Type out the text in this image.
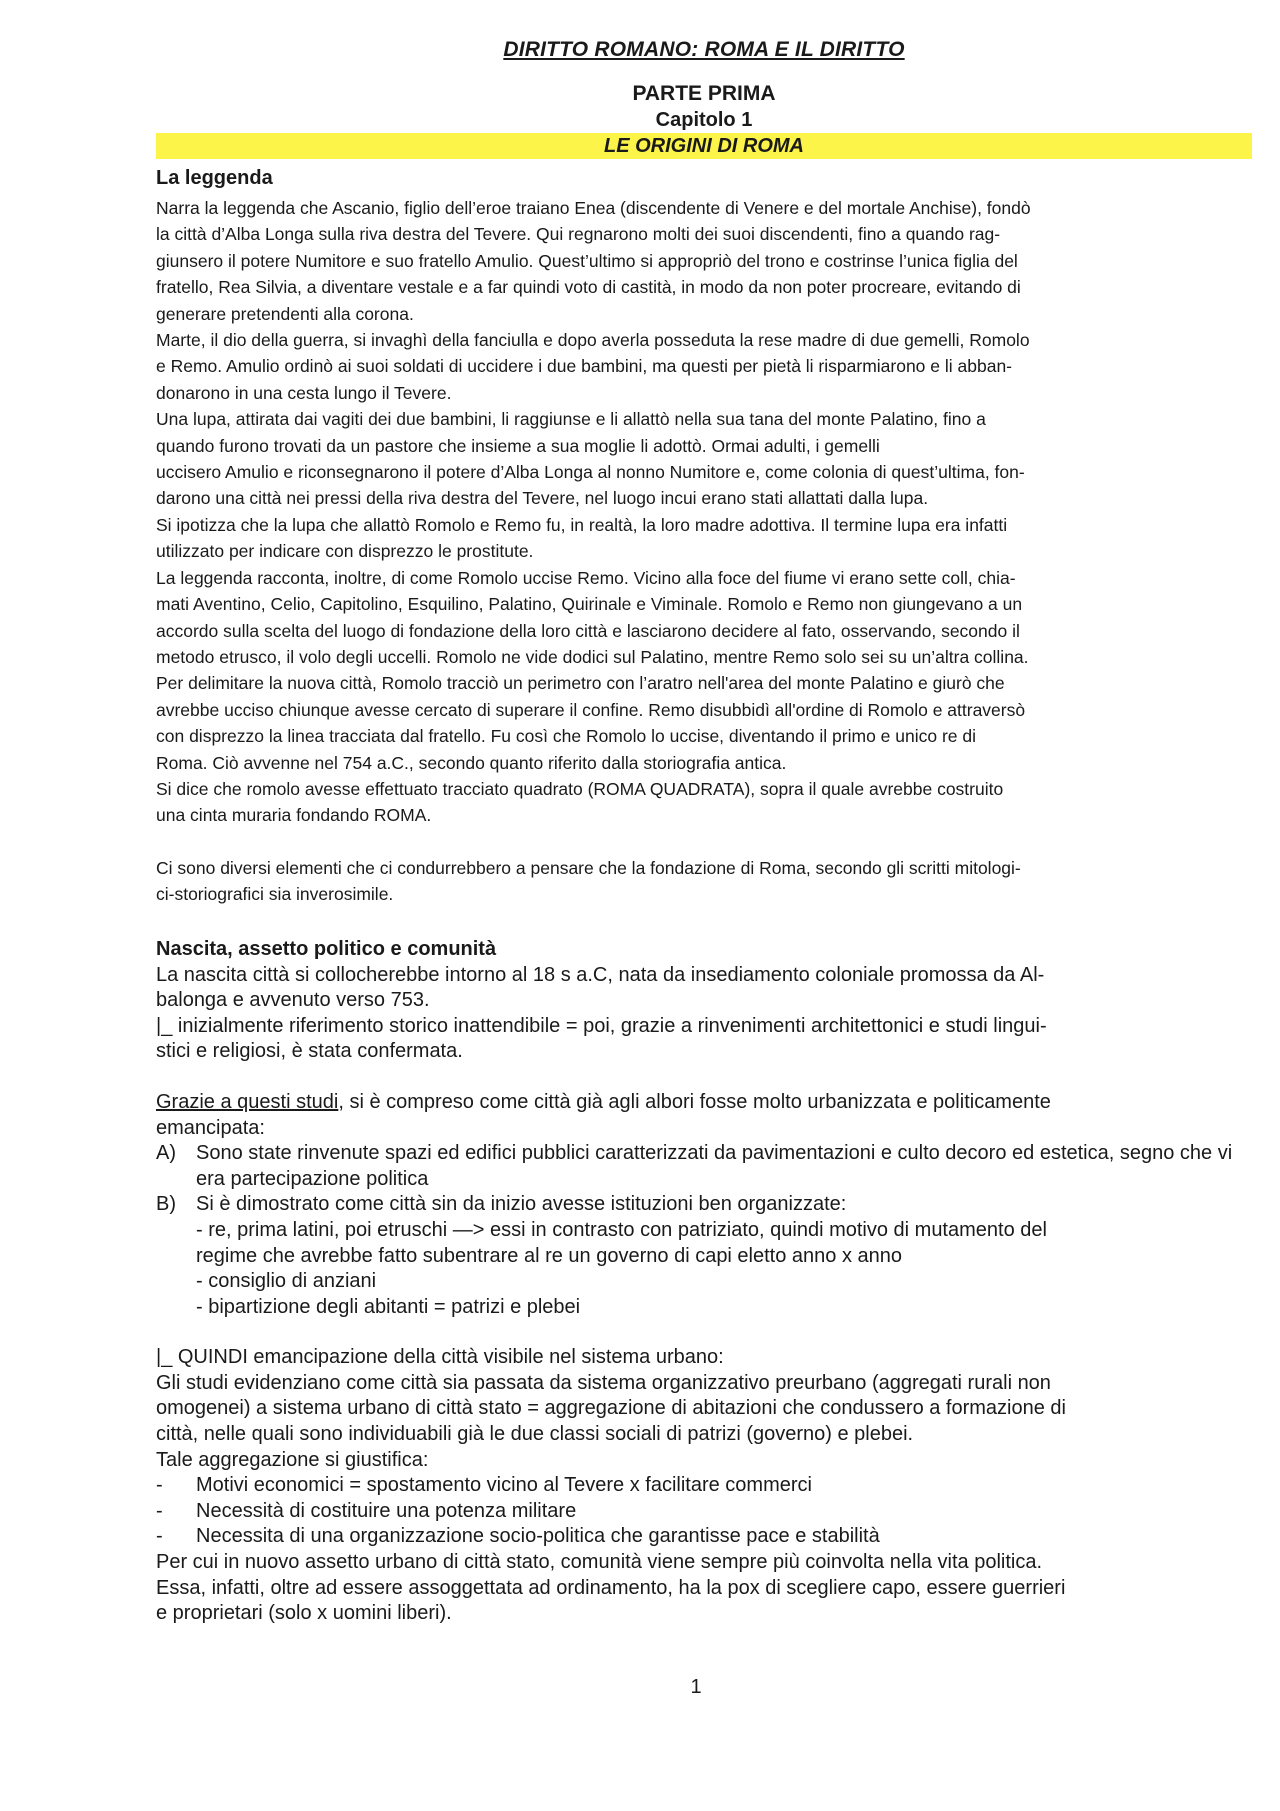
DIRITTO ROMANO: ROMA E IL DIRITTO
PARTE PRIMA
Capitolo 1
LE ORIGINI DI ROMA
La leggenda
Narra la leggenda che Ascanio, figlio dell’eroe traiano Enea (discendente di Venere e del mortale Anchise), fondò
la città d’Alba Longa sulla riva destra del Tevere. Qui regnarono molti dei suoi discendenti, fino a quando rag-
giunsero il potere Numitore e suo fratello Amulio. Quest’ultimo si appropriò del trono e costrinse l’unica figlia del
fratello, Rea Silvia, a diventare vestale e a far quindi voto di castità, in modo da non poter procreare, evitando di
generare pretendenti alla corona.
Marte, il dio della guerra, si invaghì della fanciulla e dopo averla posseduta la rese madre di due gemelli, Romolo
e Remo. Amulio ordinò ai suoi soldati di uccidere i due bambini, ma questi per pietà li risparmiarono e li abban-
donarono in una cesta lungo il Tevere.
Una lupa, attirata dai vagiti dei due bambini, li raggiunse e li allattò nella sua tana del monte Palatino, fino a
quando furono trovati da un pastore che insieme a sua moglie li adottò. Ormai adulti, i gemelli
uccisero Amulio e riconsegnarono il potere d’Alba Longa al nonno Numitore e, come colonia di quest’ultima, fon-
darono una città nei pressi della riva destra del Tevere, nel luogo incui erano stati allattati dalla lupa.
Si ipotizza che la lupa che allattò Romolo e Remo fu, in realtà, la loro madre adottiva. Il termine lupa era infatti
utilizzato per indicare con disprezzo le prostitute.
La leggenda racconta, inoltre, di come Romolo uccise Remo. Vicino alla foce del fiume vi erano sette coll, chia-
mati Aventino, Celio, Capitolino, Esquilino, Palatino, Quirinale e Viminale. Romolo e Remo non giungevano a un
accordo sulla scelta del luogo di fondazione della loro città e lasciarono decidere al fato, osservando, secondo il
metodo etrusco, il volo degli uccelli. Romolo ne vide dodici sul Palatino, mentre Remo solo sei su un’altra collina.
Per delimitare la nuova città, Romolo tracciò un perimetro con l’aratro nell'area del monte Palatino e giurò che
avrebbe ucciso chiunque avesse cercato di superare il confine. Remo disubbidì all'ordine di Romolo e attraversò
con disprezzo la linea tracciata dal fratello. Fu così che Romolo lo uccise, diventando il primo e unico re di
Roma. Ciò avvenne nel 754 a.C., secondo quanto riferito dalla storiografia antica.
Si dice che romolo avesse effettuato tracciato quadrato (ROMA QUADRATA), sopra il quale avrebbe costruito
una cinta muraria fondando ROMA.
Ci sono diversi elementi che ci condurrebbero a pensare che la fondazione di Roma, secondo gli scritti mitologi-
ci-storiografici sia inverosimile.
Nascita, assetto politico e comunità
La nascita città si collocherebbe intorno al 18 s a.C, nata da insediamento coloniale promossa da Al-
balonga e avvenuto verso 753.
|_ inizialmente riferimento storico inattendibile = poi, grazie a rinvenimenti architettonici e studi lingui-
stici e religiosi, è stata confermata.
Grazie a questi studi, si è compreso come città già agli albori fosse molto urbanizzata e politicamente
emancipata:
A)	Sono state rinvenute spazi ed edifici pubblici caratterizzati da pavimentazioni e culto decoro ed estetica, segno che vi era partecipazione politica
B)	Si è dimostrato come città sin da inizio avesse istituzioni ben organizzate:
- re, prima latini, poi etruschi —> essi in contrasto con patriziato, quindi motivo di mutamento del
regime che avrebbe fatto subentrare al re un governo di capi eletto anno x anno
- consiglio di anziani
- bipartizione degli abitanti = patrizi e plebei
|_ QUINDI emancipazione della città visibile nel sistema urbano:
Gli studi evidenziano come città sia passata da sistema organizzativo preurbano (aggregati rurali non
omogenei) a sistema urbano di città stato = aggregazione di abitazioni che condussero a formazione di
città, nelle quali sono individuabili già le due classi sociali di patrizi (governo) e plebei.
Tale aggregazione si giustifica:
-	Motivi economici = spostamento vicino al Tevere x facilitare commerci
-	Necessità di costituire una potenza militare
-	Necessita di una organizzazione socio-politica che garantisse pace e stabilità
Per cui in nuovo assetto urbano di città stato, comunità viene sempre più coinvolta nella vita politica.
Essa, infatti, oltre ad essere assoggettata ad ordinamento, ha la pox di scegliere capo, essere guerrieri
e proprietari (solo x uomini liberi).
1
